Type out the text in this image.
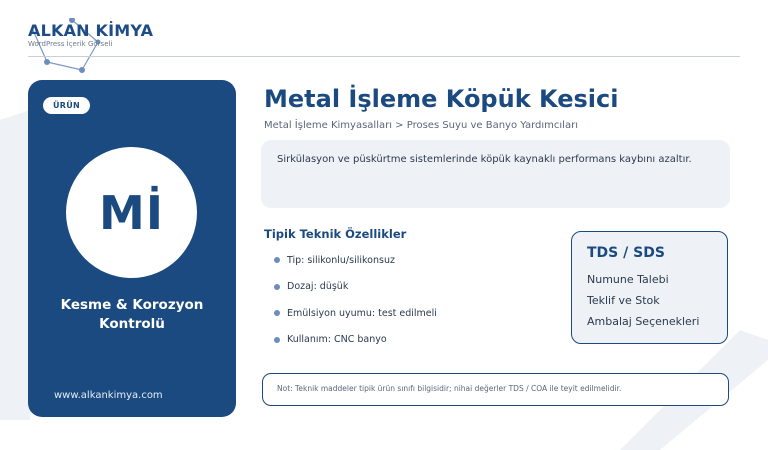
ALKAN KİMYA
WordPress İçerik Görseli
ÜRÜN
Mİ
Kesme & Korozyon
Kontrolü
www.alkankimya.com
Metal İşleme Köpük Kesici
Metal İşleme Kimyasalları > Proses Suyu ve Banyo Yardımcıları
Sirkülasyon ve püskürtme sistemlerinde köpük kaynaklı performans kaybını azaltır.
Tipik Teknik Özellikler
Tip: silikonlu/silikonsuz
Dozaj: düşük
Emülsiyon uyumu: test edilmeli
Kullanım: CNC banyo
TDS / SDS
Numune Talebi
Teklif ve Stok
Ambalaj Seçenekleri
Not: Teknik maddeler tipik ürün sınıfı bilgisidir; nihai değerler TDS / COA ile teyit edilmelidir.
